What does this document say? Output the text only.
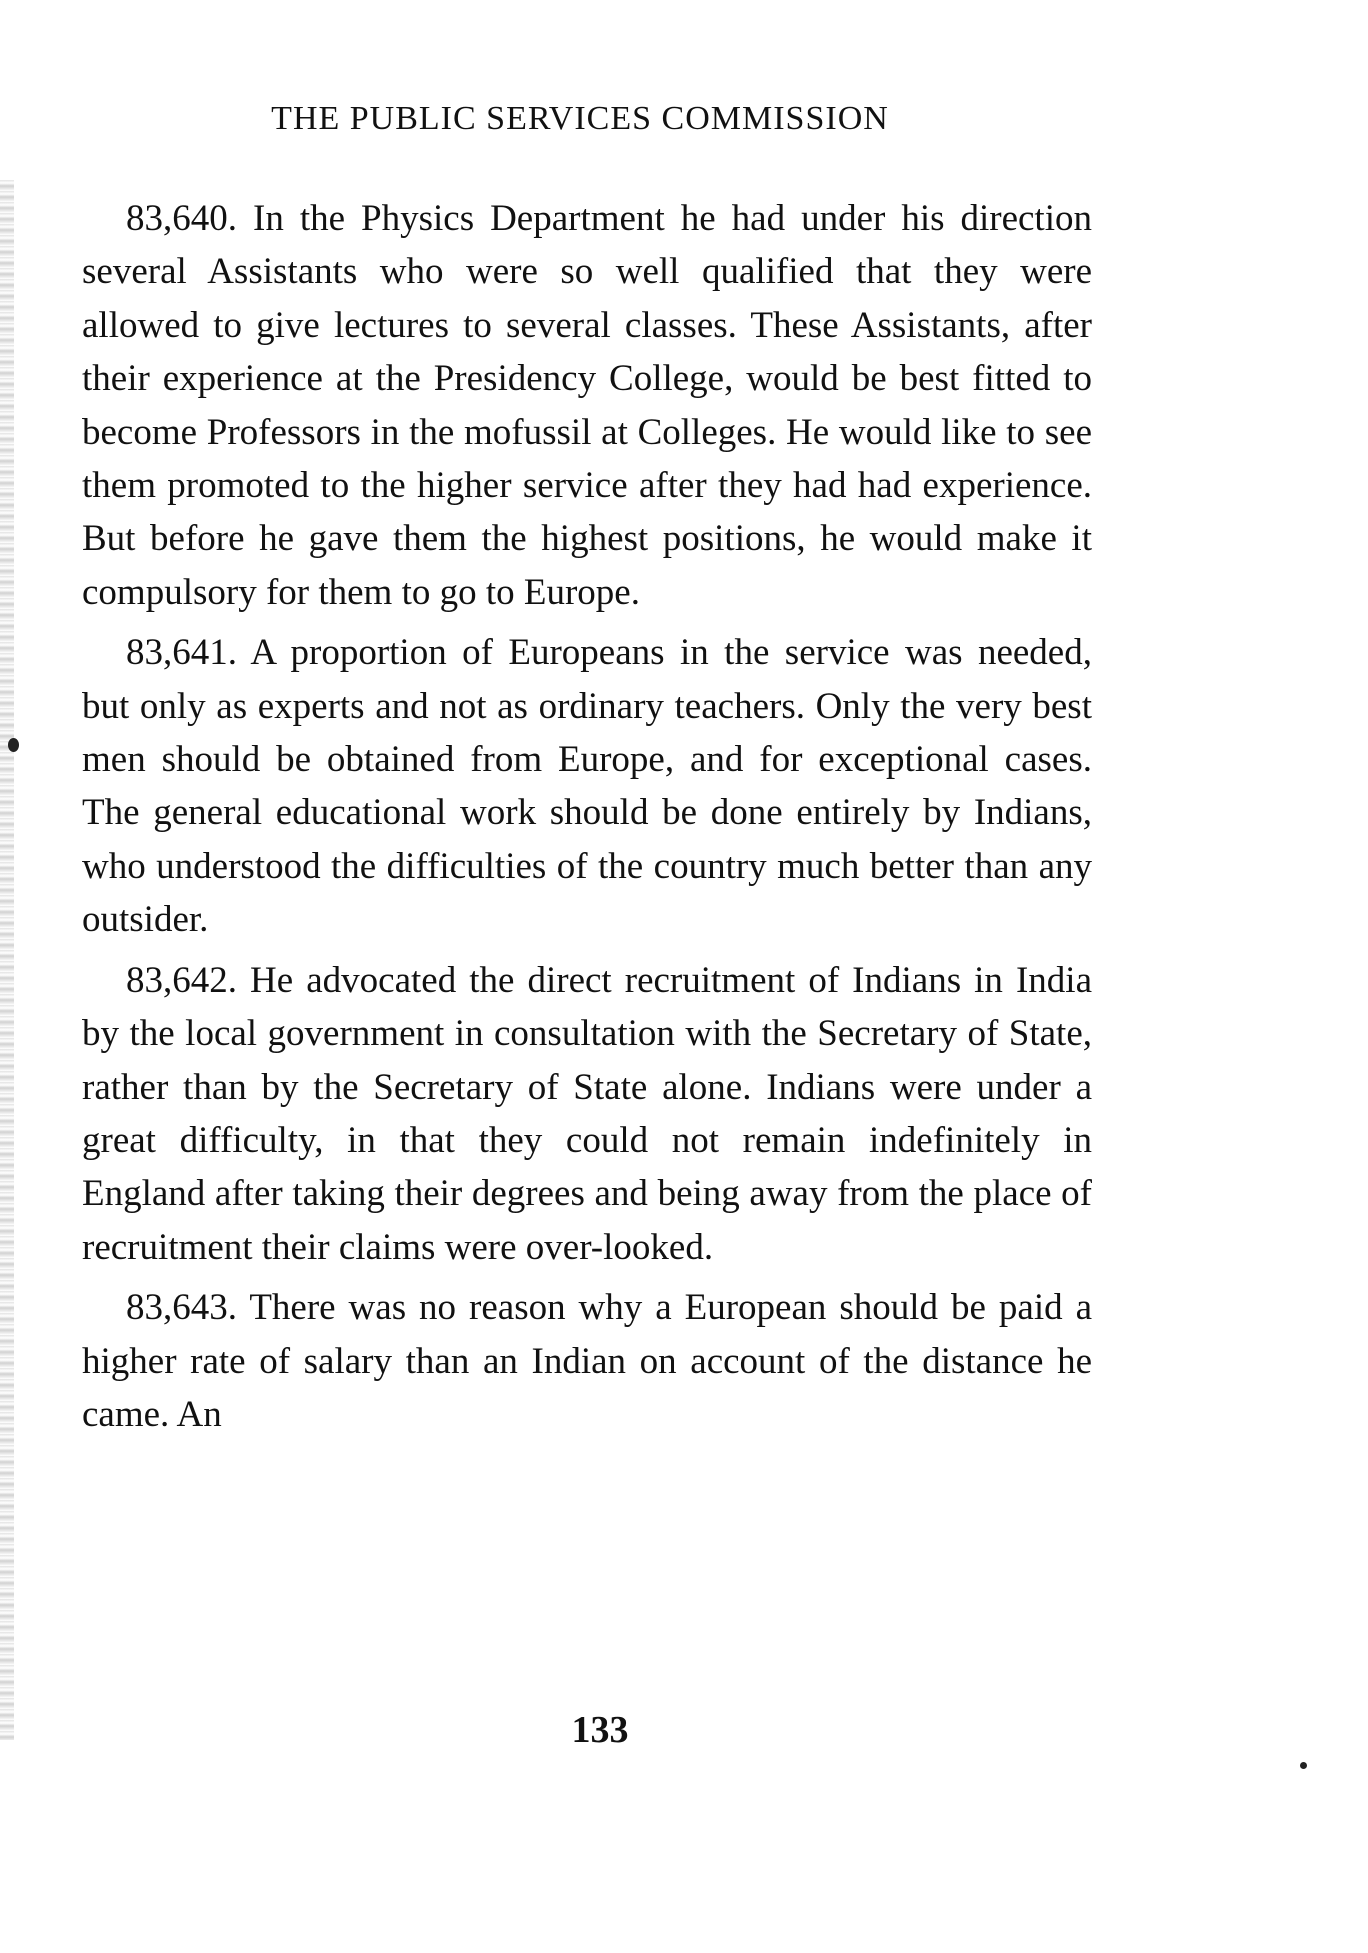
THE PUBLIC SERVICES COMMISSION

83,640. In the Physics Department he had under his direction several Assistants who were so well qualified that they were allowed to give lectures to several classes. These Assistants, after their experience at the Presidency College, would be best fitted to become Professors in the mofussil at Colleges. He would like to see them promoted to the higher service after they had had experience. But before he gave them the highest positions, he would make it compulsory for them to go to Europe.

83,641. A proportion of Europeans in the service was needed, but only as experts and not as ordinary teachers. Only the very best men should be obtained from Europe, and for exceptional cases. The general educational work should be done entirely by Indians, who understood the difficulties of the country much better than any outsider.

83,642. He advocated the direct recruitment of Indians in India by the local government in consultation with the Secretary of State, rather than by the Secretary of State alone. Indians were under a great difficulty, in that they could not remain indefinitely in England after taking their degrees and being away from the place of recruitment their claims were over-looked.

83,643. There was no reason why a European should be paid a higher rate of salary than an Indian on account of the distance he came. An

133
